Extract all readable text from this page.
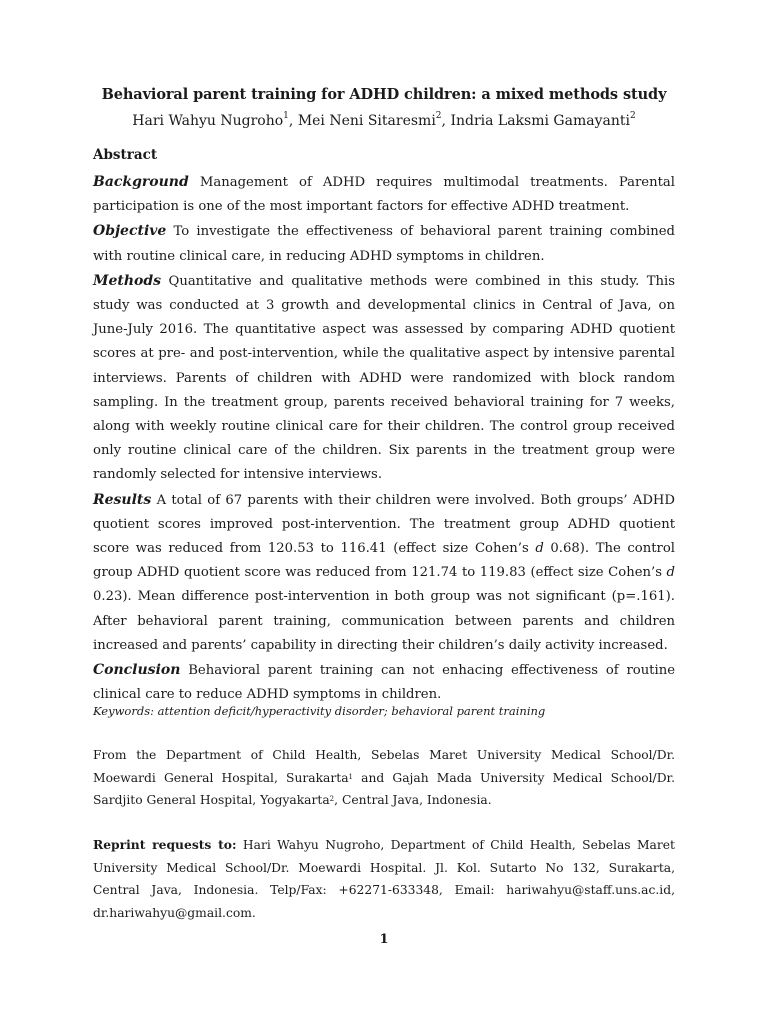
Behavioral parent training for ADHD children: a mixed methods study
Hari Wahyu Nugroho$^1$, Mei Neni Sitaresmi$^2$, Indria Laksmi Gamayanti$^2$
Abstract

Background Management of ADHD requires multimodal treatments. Parental participation is one of the most important factors for effective ADHD treatment.

Objective To investigate the effectiveness of behavioral parent training combined with routine clinical care, in reducing ADHD symptoms in children.

Methods Quantitative and qualitative methods were combined in this study. This study was conducted at 3 growth and developmental clinics in Central of Java, on June-July 2016. The quantitative aspect was assessed by comparing ADHD quotient scores at pre- and post-intervention, while the qualitative aspect by intensive parental interviews. Parents of children with ADHD were randomized with block random sampling. In the treatment group, parents received behavioral training for 7 weeks, along with weekly routine clinical care for their children. The control group received only routine clinical care of the children. Six parents in the treatment group were randomly selected for intensive interviews.

Results A total of 67 parents with their children were involved. Both groups’ ADHD quotient scores improved post-intervention. The treatment group ADHD quotient score was reduced from 120.53 to 116.41 (effect size Cohen’s d 0.68). The control group ADHD quotient score was reduced from 121.74 to 119.83 (effect size Cohen’s d 0.23). Mean difference post-intervention in both group was not significant (p=.161). After behavioral parent training, communication between parents and children increased and parents’ capability in directing their children’s daily activity increased.

Conclusion Behavioral parent training can not enhacing effectiveness of routine clinical care to reduce ADHD symptoms in children.

Keywords: attention deficit/hyperactivity disorder; behavioral parent training
From the Department of Child Health, Sebelas Maret University Medical School/Dr. Moewardi General Hospital, Surakarta$^1$ and Gajah Mada University Medical School/Dr. Sardjito General Hospital, Yogyakarta$^2$, Central Java, Indonesia.
Reprint requests to: Hari Wahyu Nugroho, Department of Child Health, Sebelas Maret University Medical School/Dr. Moewardi Hospital. Jl. Kol. Sutarto No 132, Surakarta, Central Java, Indonesia. Telp/Fax: +62271-633348, Email: hariwahyu@staff.uns.ac.id, dr.hariwahyu@gmail.com.
1
